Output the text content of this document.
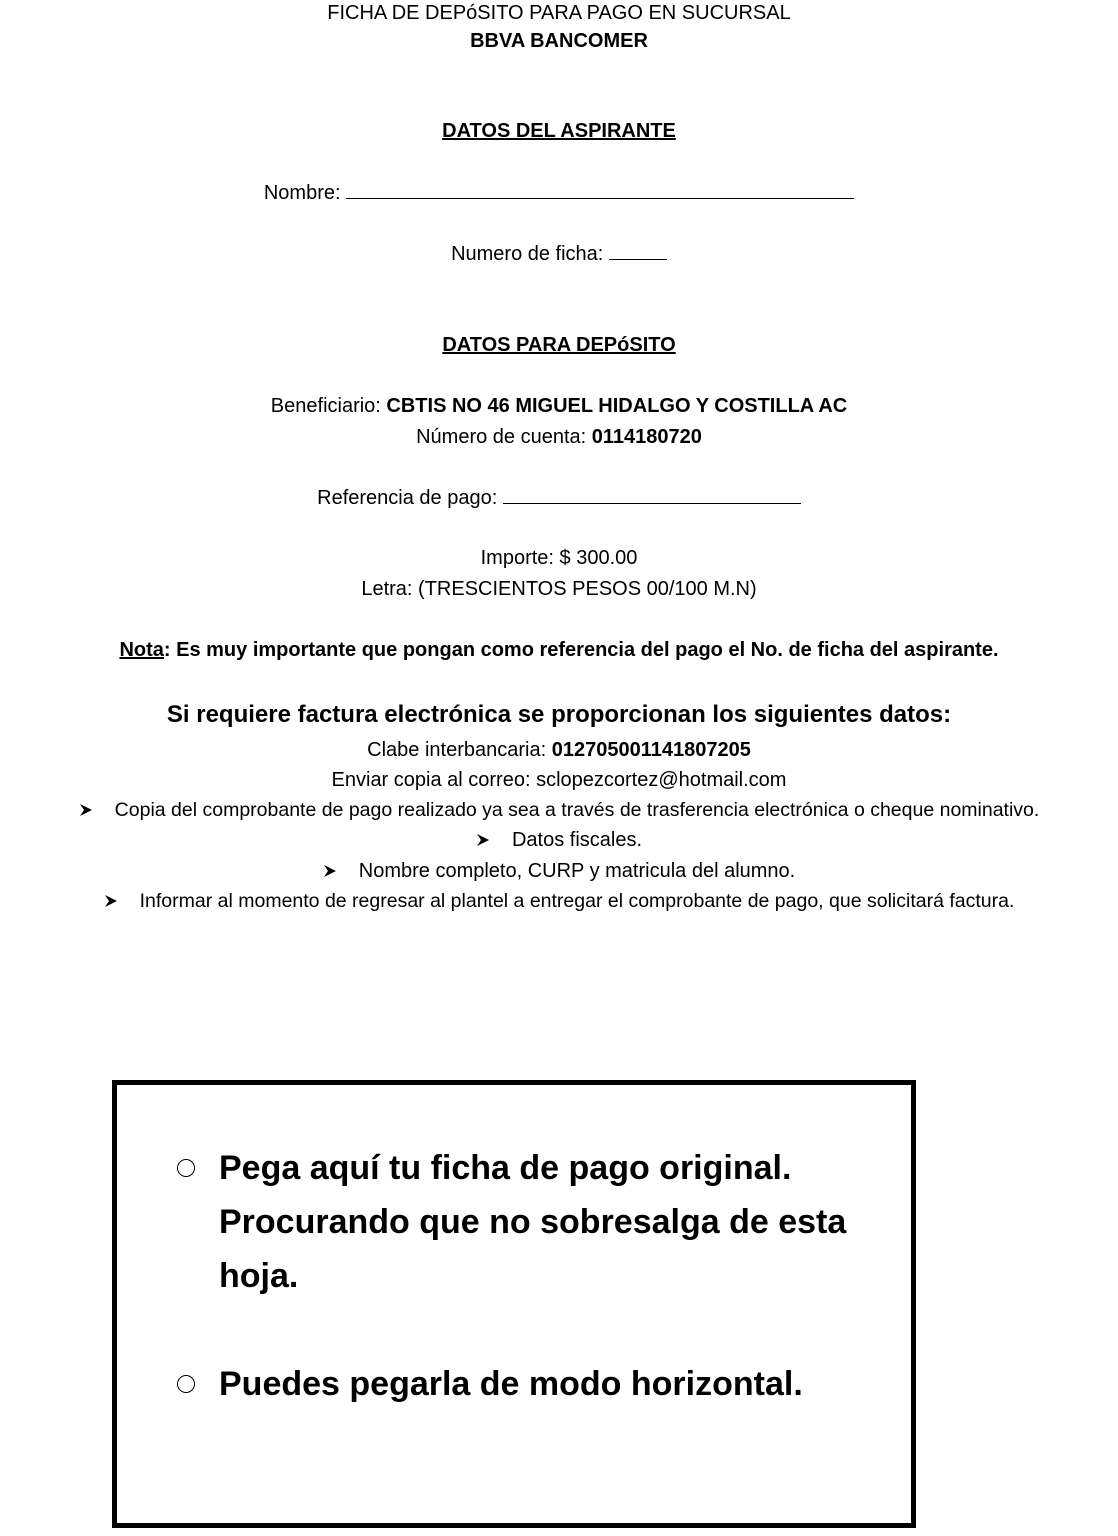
FICHA DE DEPóSITO PARA PAGO EN SUCURSAL
BBVA BANCOMER
DATOS DEL ASPIRANTE
Nombre:
Numero de ficha:
DATOS PARA DEPóSITO
Beneficiario: CBTIS NO 46 MIGUEL HIDALGO Y COSTILLA AC
Número de cuenta: 0114180720
Referencia de pago:
Importe: $ 300.00
Letra: (TRESCIENTOS PESOS 00/100 M.N)
Nota: Es muy importante que pongan como referencia del pago el No. de ficha del aspirante.
Si requiere factura electrónica se proporcionan los siguientes datos:
Clabe interbancaria: 012705001141807205
Enviar copia al correo: sclopezcortez@hotmail.com
Copia del comprobante de pago realizado ya sea a través de trasferencia electrónica o cheque nominativo.
Datos fiscales.
Nombre completo, CURP y matricula del alumno.
Informar al momento de regresar al plantel a entregar el comprobante de pago, que solicitará factura.
Pega aquí tu ficha de pago original. Procurando que no sobresalga de esta hoja.
Puedes pegarla de modo horizontal.
